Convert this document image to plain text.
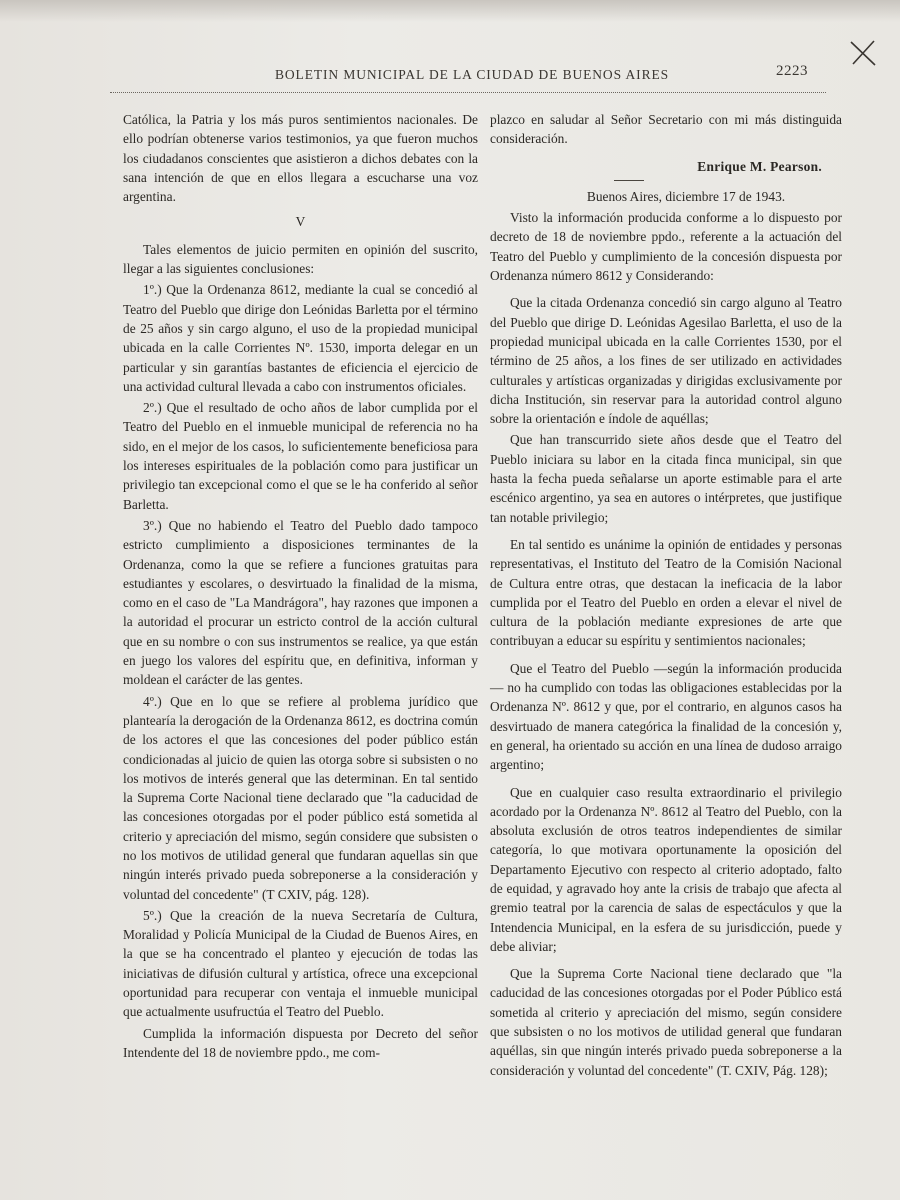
BOLETIN MUNICIPAL DE LA CIUDAD DE BUENOS AIRES	2223

Católica, la Patria y los más puros sentimientos nacionales. De ello podrían obtenerse varios testimonios, ya que fueron muchos los ciudadanos conscientes que asistieron a dichos debates con la sana intención de que en ellos llegara a escucharse una voz argentina.

V

Tales elementos de juicio permiten en opinión del suscrito, llegar a las siguientes conclusiones:

1º.) Que la Ordenanza 8612, mediante la cual se concedió al Teatro del Pueblo que dirige don Leónidas Barletta por el término de 25 años y sin cargo alguno, el uso de la propiedad municipal ubicada en la calle Corrientes Nº. 1530, importa delegar en un particular y sin garantías bastantes de eficiencia el ejercicio de una actividad cultural llevada a cabo con instrumentos oficiales.

2º.) Que el resultado de ocho años de labor cumplida por el Teatro del Pueblo en el inmueble municipal de referencia no ha sido, en el mejor de los casos, lo suficientemente beneficiosa para los intereses espirituales de la población como para justificar un privilegio tan excepcional como el que se le ha conferido al señor Barletta.

3º.) Que no habiendo el Teatro del Pueblo dado tampoco estricto cumplimiento a disposiciones terminantes de la Ordenanza, como la que se refiere a funciones gratuitas para estudiantes y escolares, o desvirtuado la finalidad de la misma, como en el caso de "La Mandrágora", hay razones que imponen a la autoridad el procurar un estricto control de la acción cultural que en su nombre o con sus instrumentos se realice, ya que están en juego los valores del espíritu que, en definitiva, informan y moldean el carácter de las gentes.

4º.) Que en lo que se refiere al problema jurídico que plantearía la derogación de la Ordenanza 8612, es doctrina común de los actores el que las concesiones del poder público están condicionadas al juicio de quien las otorga sobre si subsisten o no los motivos de interés general que las determinan. En tal sentido la Suprema Corte Nacional tiene declarado que "la caducidad de las concesiones otorgadas por el poder público está sometida al criterio y apreciación del mismo, según considere que subsisten o no los motivos de utilidad general que fundaran aquellas sin que ningún interés privado pueda sobreponerse a la consideración y voluntad del concedente" (T CXIV, pág. 128).

5º.) Que la creación de la nueva Secretaría de Cultura, Moralidad y Policía Municipal de la Ciudad de Buenos Aires, en la que se ha concentrado el planteo y ejecución de todas las iniciativas de difusión cultural y artística, ofrece una excepcional oportunidad para recuperar con ventaja el inmueble municipal que actualmente usufructúa el Teatro del Pueblo.

Cumplida la información dispuesta por Decreto del señor Intendente del 18 de noviembre ppdo., me com-

plazco en saludar al Señor Secretario con mi más distinguida consideración.

Enrique M. Pearson.
Buenos Aires, diciembre 17 de 1943.

Visto la información producida conforme a lo dispuesto por decreto de 18 de noviembre ppdo., referente a la actuación del Teatro del Pueblo y cumplimiento de la concesión dispuesta por Ordenanza número 8612 y Considerando:

Que la citada Ordenanza concedió sin cargo alguno al Teatro del Pueblo que dirige D. Leónidas Agesilao Barletta, el uso de la propiedad municipal ubicada en la calle Corrientes 1530, por el término de 25 años, a los fines de ser utilizado en actividades culturales y artísticas organizadas y dirigidas exclusivamente por dicha Institución, sin reservar para la autoridad control alguno sobre la orientación e índole de aquéllas;

Que han transcurrido siete años desde que el Teatro del Pueblo iniciara su labor en la citada finca municipal, sin que hasta la fecha pueda señalarse un aporte estimable para el arte escénico argentino, ya sea en autores o intérpretes, que justifique tan notable privilegio;

En tal sentido es unánime la opinión de entidades y personas representativas, el Instituto del Teatro de la Comisión Nacional de Cultura entre otras, que destacan la ineficacia de la labor cumplida por el Teatro del Pueblo en orden a elevar el nivel de cultura de la población mediante expresiones de arte que contribuyan a educar su espíritu y sentimientos nacionales;

Que el Teatro del Pueblo —según la información producida— no ha cumplido con todas las obligaciones establecidas por la Ordenanza Nº. 8612 y que, por el contrario, en algunos casos ha desvirtuado de manera categórica la finalidad de la concesión y, en general, ha orientado su acción en una línea de dudoso arraigo argentino;

Que en cualquier caso resulta extraordinario el privilegio acordado por la Ordenanza Nº. 8612 al Teatro del Pueblo, con la absoluta exclusión de otros teatros independientes de similar categoría, lo que motivara oportunamente la oposición del Departamento Ejecutivo con respecto al criterio adoptado, falto de equidad, y agravado hoy ante la crisis de trabajo que afecta al gremio teatral por la carencia de salas de espectáculos y que la Intendencia Municipal, en la esfera de su jurisdicción, puede y debe aliviar;

Que la Suprema Corte Nacional tiene declarado que "la caducidad de las concesiones otorgadas por el Poder Público está sometida al criterio y apreciación del mismo, según considere que subsisten o no los motivos de utilidad general que fundaran aquéllas, sin que ningún interés privado pueda sobreponerse a la consideración y voluntad del concedente" (T. CXIV, Pág. 128);
